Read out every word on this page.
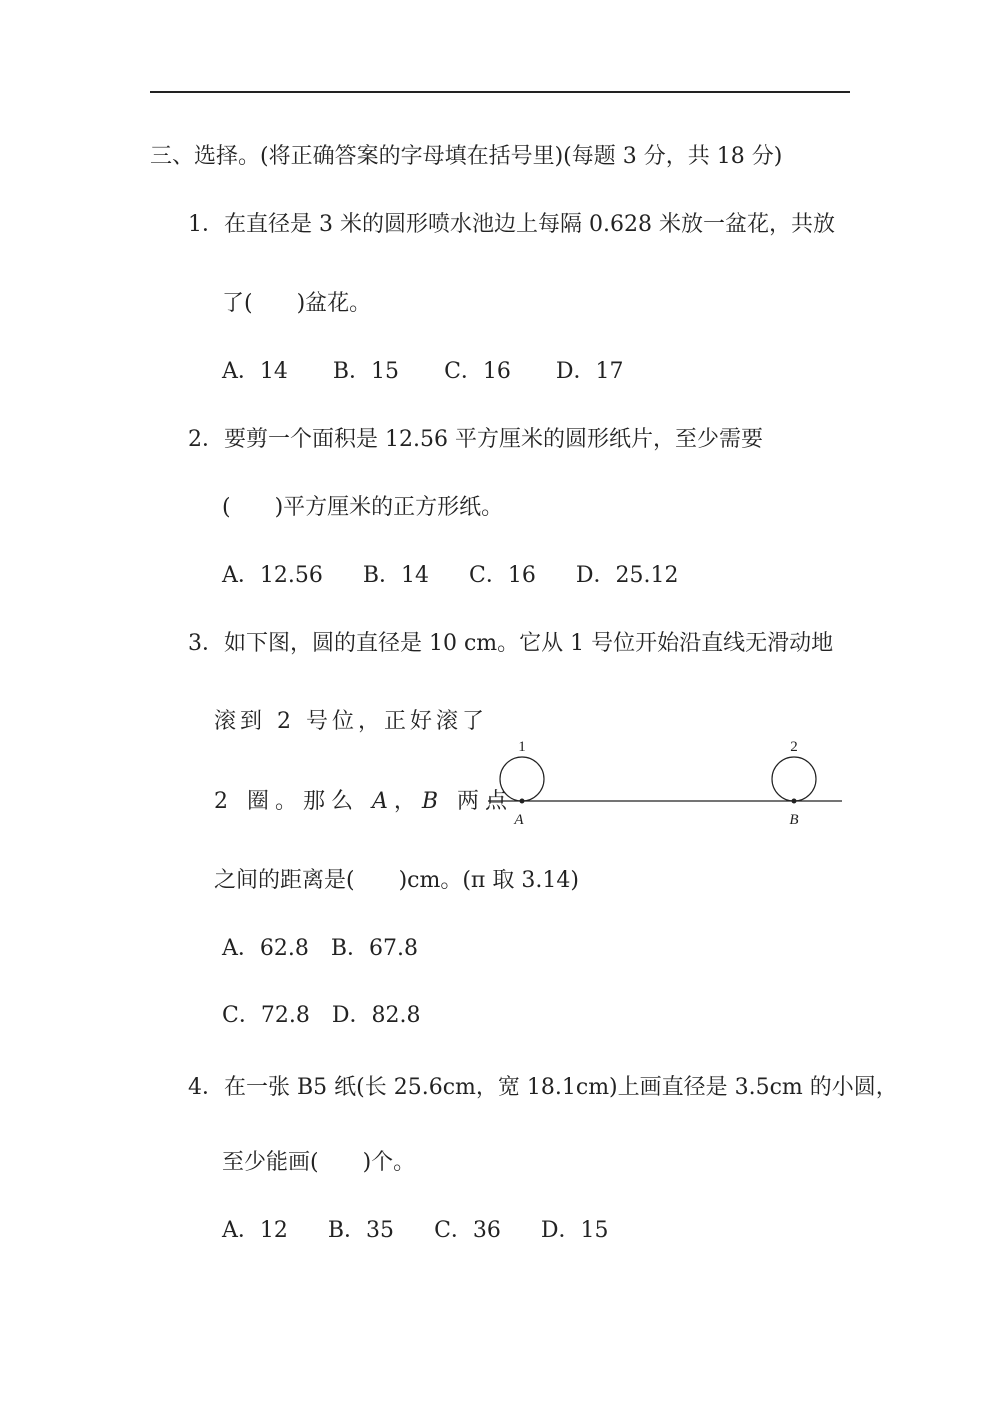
三、选择。(将正确答案的字母填在括号里)(每题 3 分，共 18 分)
1．在直径是 3 米的圆形喷水池边上每隔 0.628 米放一盆花，共放
了(　　)盆花。
A．14 B．15 C．16 D．17
2．要剪一个面积是 12.56 平方厘米的圆形纸片，至少需要
(　　)平方厘米的正方形纸。
A．12.56 B．14 C．16 D．25.12
3．如下图，圆的直径是 10 cm。它从 1 号位开始沿直线无滑动地
滚到 2 号位，正好滚了
2 圈。那么 A，B 两点
1	2
A	B
之间的距离是(　　)cm。(π 取 3.14)
A．62.8 B．67.8
C．72.8 D．82.8
4．在一张 B5 纸(长 25.6cm，宽 18.1cm)上画直径是 3.5cm 的小圆，
至少能画(　　)个。
A．12 B．35 C．36 D．15
